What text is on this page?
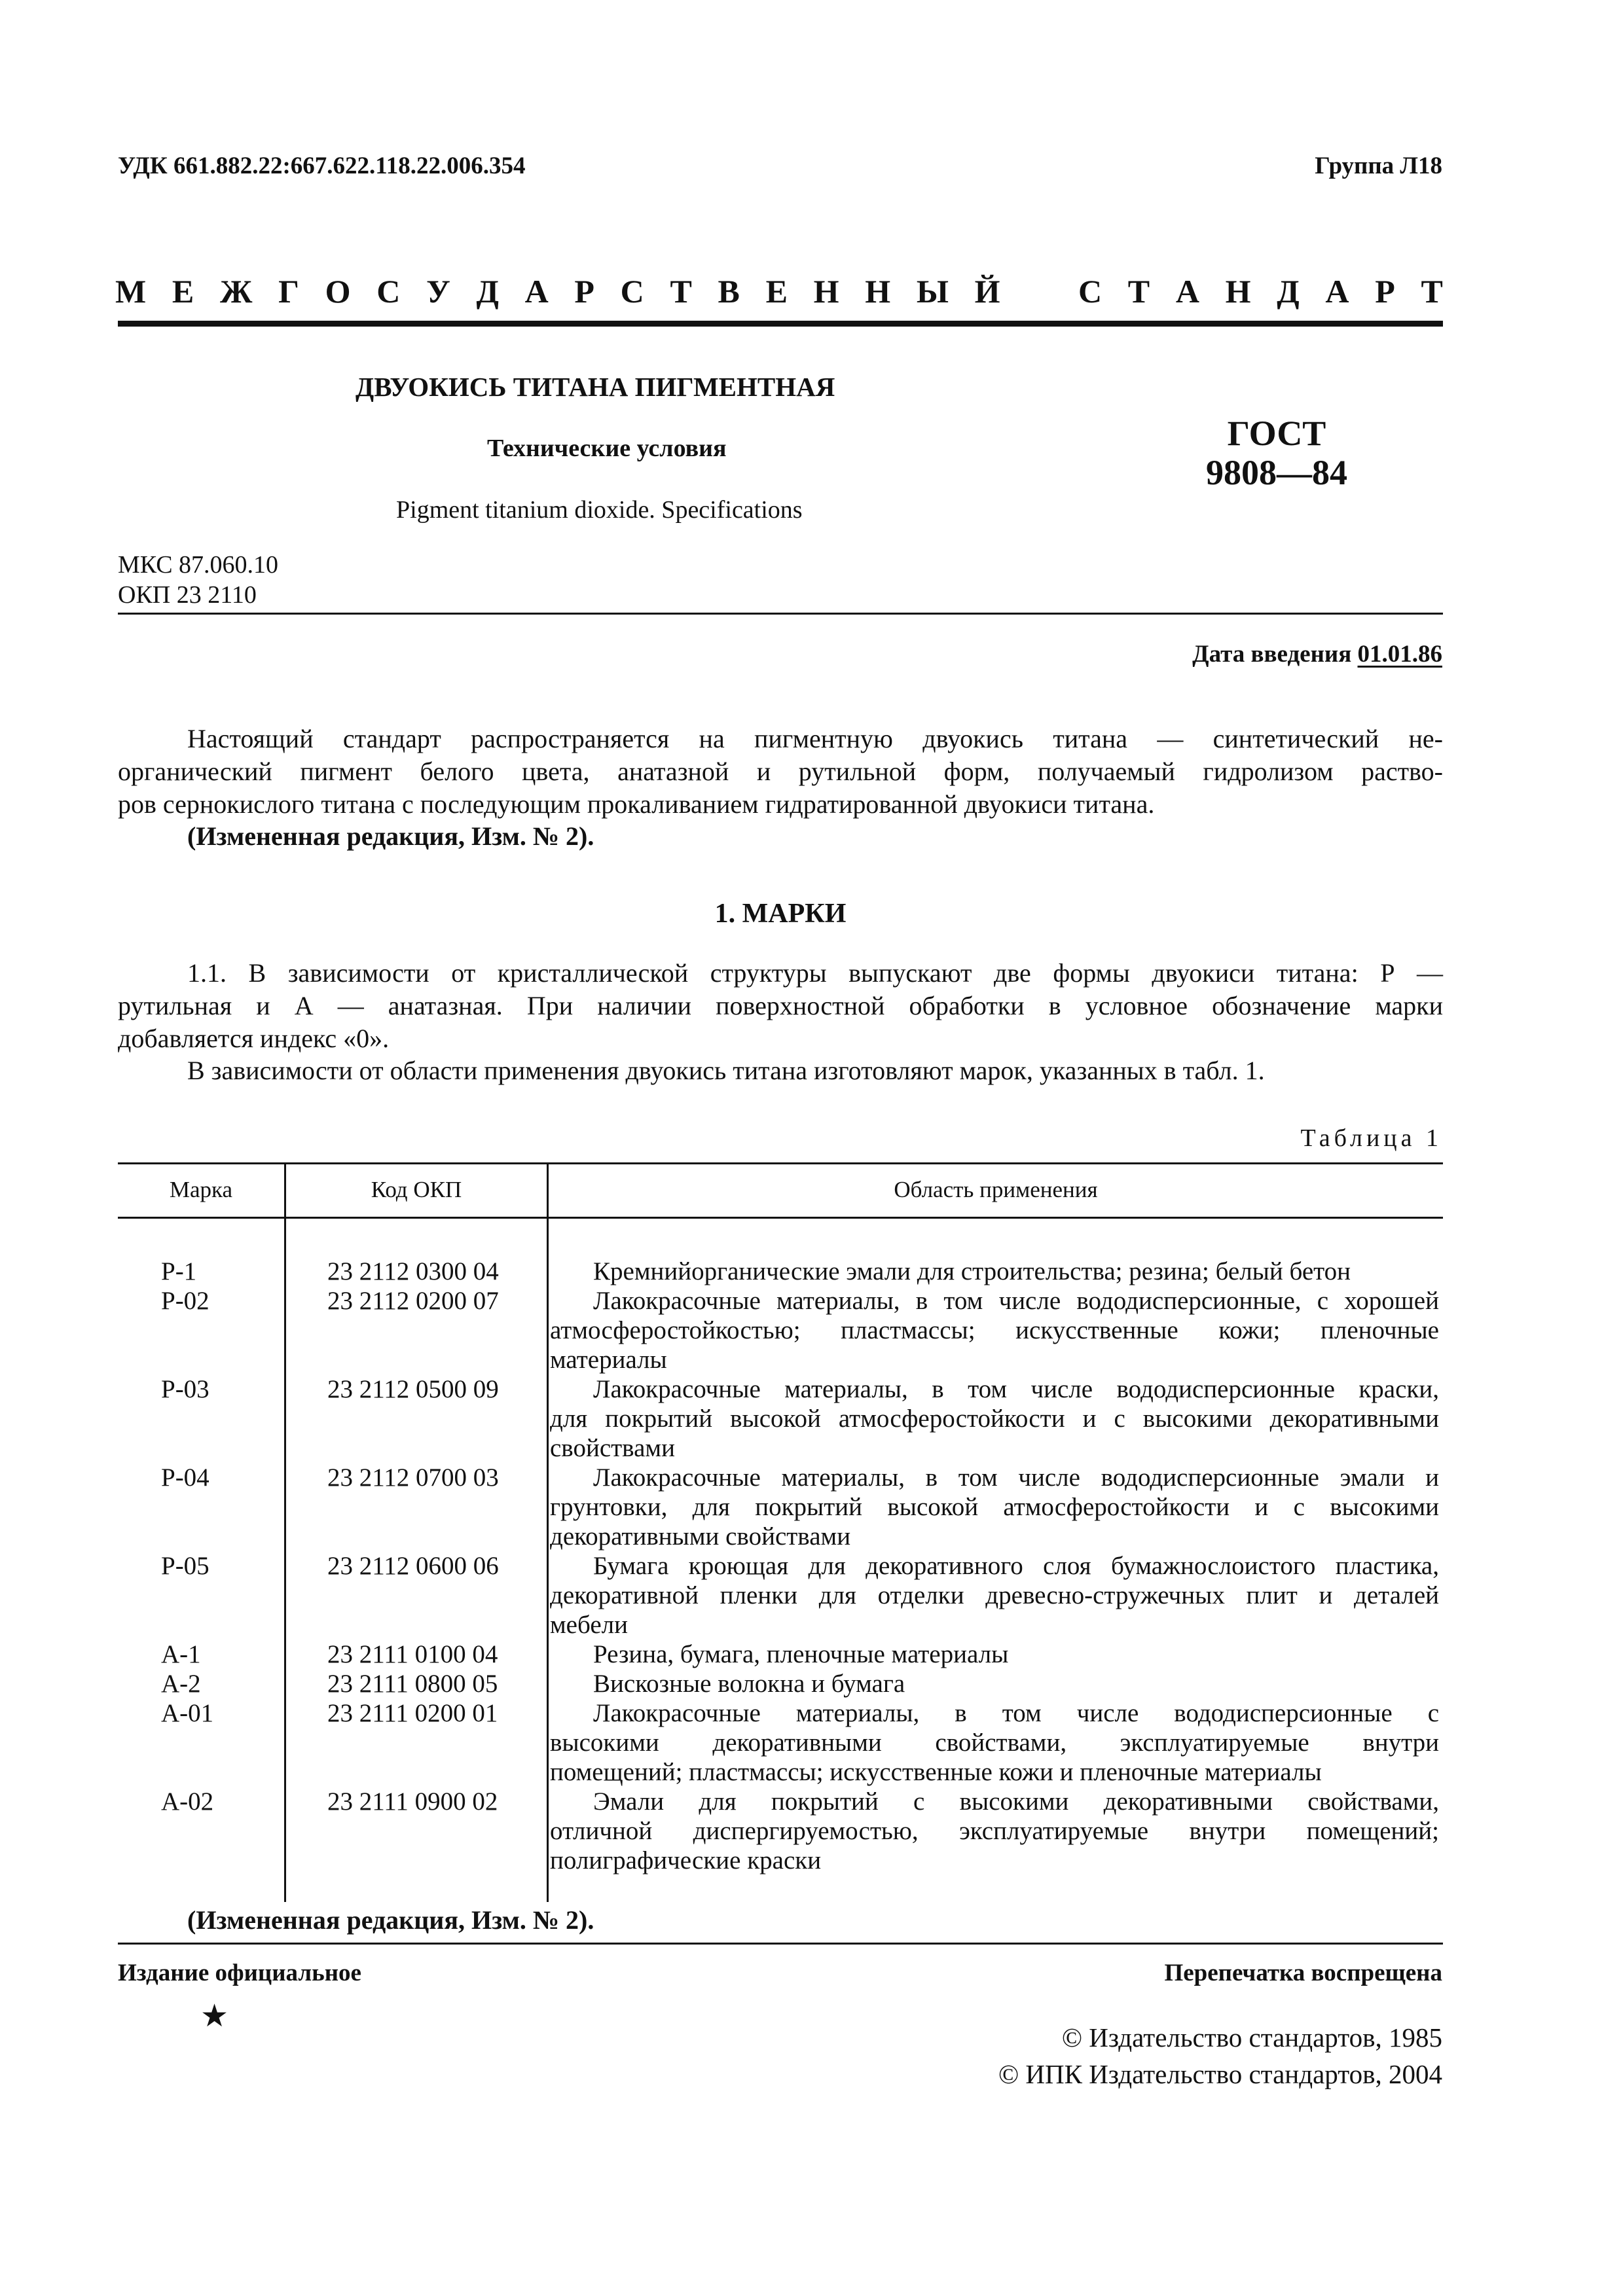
УДК 661.882.22:667.622.118.22.006.354	Группа Л18
М Е Ж Г О С У Д А Р С Т В Е Н Н Ы Й С Т А Н Д А Р Т
ДВУОКИСЬ ТИТАНА ПИГМЕНТНАЯ
Технические условия
Pigment titanium dioxide. Specifications
ГОСТ
9808—84
МКС 87.060.10
ОКП 23 2110
Дата введения 01.01.86
Настоящий стандарт распространяется на пигментную двуокись титана — синтетический не-
органический пигмент белого цвета, анатазной и рутильной форм, получаемый гидролизом раство-
ров сернокислого титана с последующим прокаливанием гидратированной двуокиси титана.
(Измененная редакция, Изм. № 2).
1. МАРКИ
1.1. В зависимости от кристаллической структуры выпускают две формы двуокиси титана: Р —
рутильная и А — анатазная. При наличии поверхностной обработки в условное обозначение марки
добавляется индекс «0».
В зависимости от области применения двуокись титана изготовляют марок, указанных в табл. 1.
Таблица 1
Марка	Код ОКП	Область применения
Р-1	23 2112 0300 04	Кремнийорганические эмали для строительства; резина; белый бетон
Р-02	23 2112 0200 07	Лакокрасочные материалы, в том числе вододисперсионные, с хорошей
атмосферостойкостью; пластмассы; искусственные кожи; пленочные
материалы
Р-03	23 2112 0500 09	Лакокрасочные материалы, в том числе вододисперсионные краски,
для покрытий высокой атмосферостойкости и с высокими декоративными
свойствами
Р-04	23 2112 0700 03	Лакокрасочные материалы, в том числе вододисперсионные эмали и
грунтовки, для покрытий высокой атмосферостойкости и с высокими
декоративными свойствами
Р-05	23 2112 0600 06	Бумага кроющая для декоративного слоя бумажнослоистого пластика,
декоративной пленки для отделки древесно-стружечных плит и деталей
мебели
А-1	23 2111 0100 04	Резина, бумага, пленочные материалы
А-2	23 2111 0800 05	Вискозные волокна и бумага
А-01	23 2111 0200 01	Лакокрасочные материалы, в том числе вододисперсионные с
высокими декоративными свойствами, эксплуатируемые внутри
помещений; пластмассы; искусственные кожи и пленочные материалы
А-02	23 2111 0900 02	Эмали для покрытий с высокими декоративными свойствами,
отличной диспергируемостью, эксплуатируемые внутри помещений;
полиграфические краски
(Измененная редакция, Изм. № 2).
Издание официальное	Перепечатка воспрещена
★
© Издательство стандартов, 1985
© ИПК Издательство стандартов, 2004
